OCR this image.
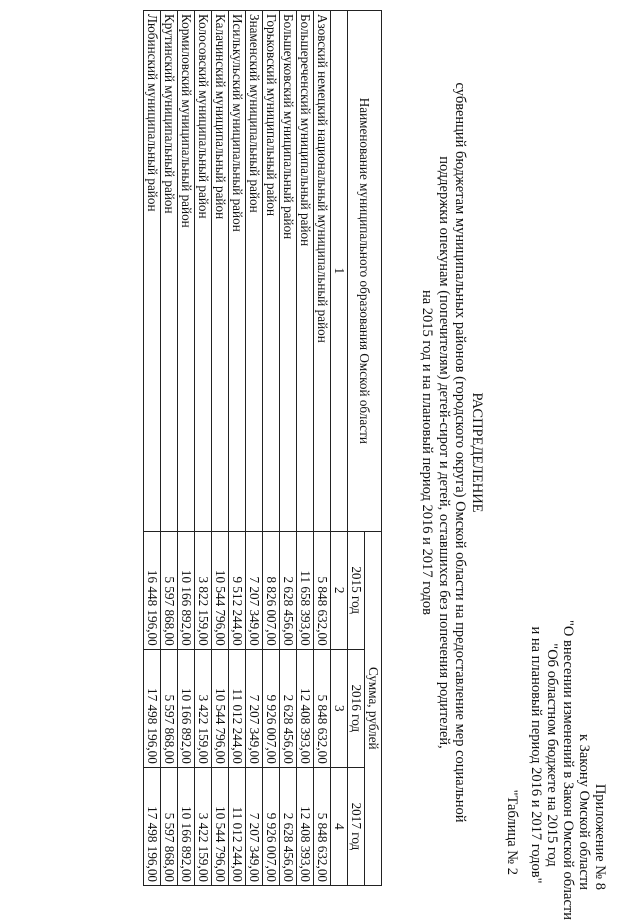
Приложение № 8
к Закону Омской области
"О внесении изменений в Закон Омской области
"Об областном бюджете на 2015 год
и на плановый период 2016 и 2017 годов"
"Таблица № 2
РАСПРЕДЕЛЕНИЕ
субвенций бюджетам муниципальных районов (городского округа) Омской области на предоставление мер социальной
поддержки опекунам (попечителям) детей-сирот и детей, оставшихся без попечения родителей,
на 2015 год и на плановый период 2016 и 2017 годов
Наименование муниципального образования Омской области	Сумма, рублей		
	2015 год	2016 год	2017 год
1	2	3	4
Азовский немецкий национальный муниципальный район	5 848 632,00	5 848 632,00	5 848 632,00
Большереченский муниципальный район	11 658 393,00	12 408 393,00	12 408 393,00
Большеуковский муниципальный район	2 628 456,00	2 628 456,00	2 628 456,00
Горьковский муниципальный район	8 826 007,00	9 926 007,00	9 926 007,00
Знаменский муниципальный район	7 207 349,00	7 207 349,00	7 207 349,00
Исилькульский муниципальный район	9 512 244,00	11 012 244,00	11 012 244,00
Калачинский муниципальный район	10 544 796,00	10 544 796,00	10 544 796,00
Колосовский муниципальный район	3 822 159,00	3 422 159,00	3 422 159,00
Кормиловский муниципальный район	10 166 892,00	10 166 892,00	10 166 892,00
Крутинский муниципальный район	5 597 868,00	5 597 868,00	5 597 868,00
Любинский муниципальный район	16 448 196,00	17 498 196,00	17 498 196,00
